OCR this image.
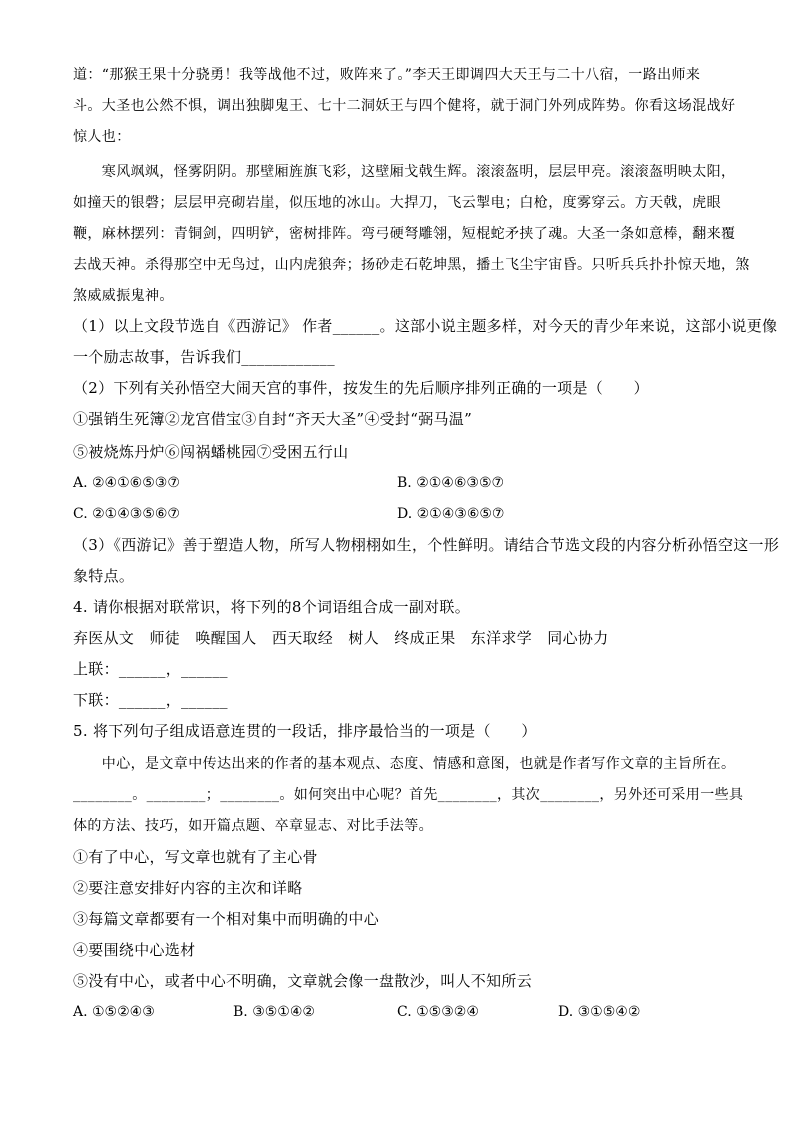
道：“那猴王果十分骁勇！我等战他不过，败阵来了。”李天王即调四大天王与二十八宿，一路出师来

斗。大圣也公然不惧，调出独脚鬼王、七十二洞妖王与四个健将，就于洞门外列成阵势。你看这场混战好

惊人也：

　　寒风飒飒，怪雾阴阴。那壁厢旌旗飞彩，这壁厢戈戟生辉。滚滚盔明，层层甲亮。滚滚盔明映太阳，

如撞天的银磬；层层甲亮砌岩崖，似压地的冰山。大捍刀，飞云掣电；白枪，度雾穿云。方天戟，虎眼

鞭，麻林摆列：青铜剑，四明铲，密树排阵。弯弓硬弩雕翎，短棍蛇矛挟了魂。大圣一条如意棒，翻来覆

去战天神。杀得那空中无鸟过，山内虎狼奔；扬砂走石乾坤黑，播土飞尘宇宙昏。只听兵兵扑扑惊天地，煞

煞威威振鬼神。

（1）以上文段节选自《西游记》 作者______。这部小说主题多样，对今天的青少年来说，这部小说更像

一个励志故事，告诉我们____________

（2）下列有关孙悟空大闹天宫的事件，按发生的先后顺序排列正确的一项是（　　）

①强销生死簿②龙宫借宝③自封“齐天大圣”④受封“弼马温”

⑤被烧炼丹炉⑥闯祸蟠桃园⑦受困五行山

A. ②④①⑥⑤③⑦	B. ②①④⑥③⑤⑦
C. ②①④③⑤⑥⑦	D. ②①④③⑥⑤⑦

（3）《西游记》善于塑造人物，所写人物栩栩如生，个性鲜明。请结合节选文段的内容分析孙悟空这一形

象特点。

4. 请你根据对联常识，将下列的8个词语组合成一副对联。

弃医从文　师徒　唤醒国人　西天取经　树人　终成正果　东洋求学　同心协力

上联：______，______

下联：______，______

5. 将下列句子组成语意连贯的一段话，排序最恰当的一项是（　　）

　　中心，是文章中传达出来的作者的基本观点、态度、情感和意图，也就是作者写作文章的主旨所在。

________。________；________。如何突出中心呢？首先________，其次________，另外还可采用一些具

体的方法、技巧，如开篇点题、卒章显志、对比手法等。

①有了中心，写文章也就有了主心骨

②要注意安排好内容的主次和详略

③每篇文章都要有一个相对集中而明确的中心

④要围绕中心选材

⑤没有中心，或者中心不明确，文章就会像一盘散沙，叫人不知所云

A. ①⑤②④③	B. ③⑤①④②	C. ①⑤③②④	D. ③①⑤④②
